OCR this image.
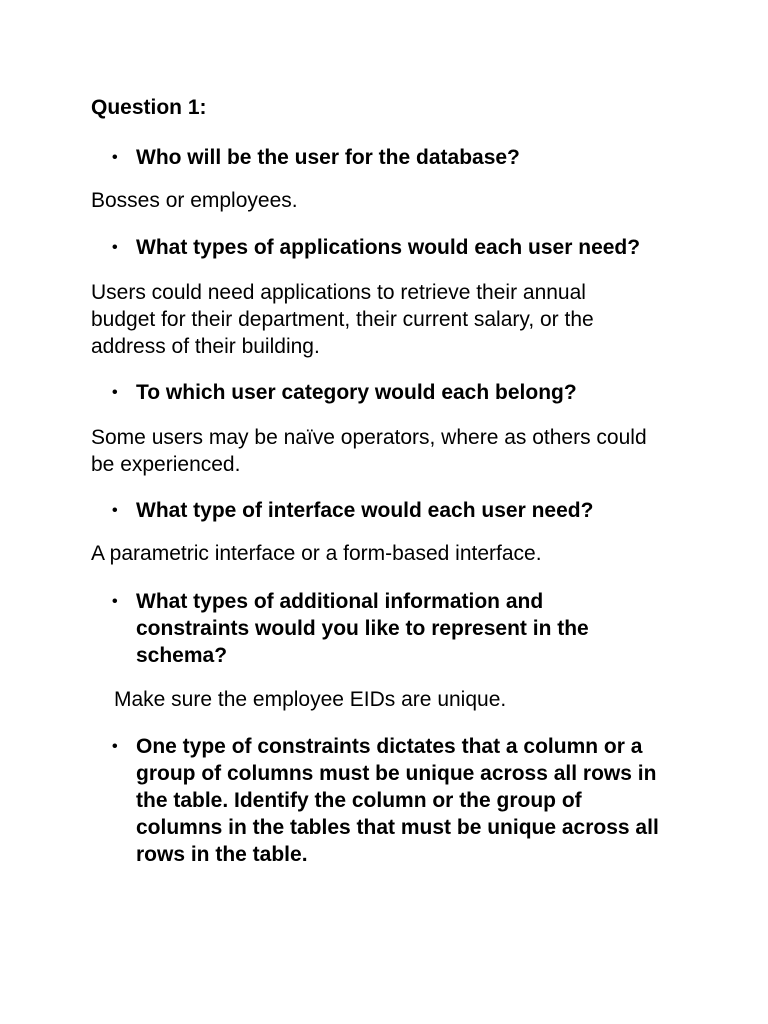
Question 1:
• Who will be the user for the database?
Bosses or employees.
• What types of applications would each user need?
Users could need applications to retrieve their annual budget for their department, their current salary, or the address of their building.
• To which user category would each belong?
Some users may be naïve operators, where as others could be experienced.
• What type of interface would each user need?
A parametric interface or a form-based interface.
• What types of additional information and constraints would you like to represent in the schema?
Make sure the employee EIDs are unique.
• One type of constraints dictates that a column or a group of columns must be unique across all rows in the table. Identify the column or the group of columns in the tables that must be unique across all rows in the table.
